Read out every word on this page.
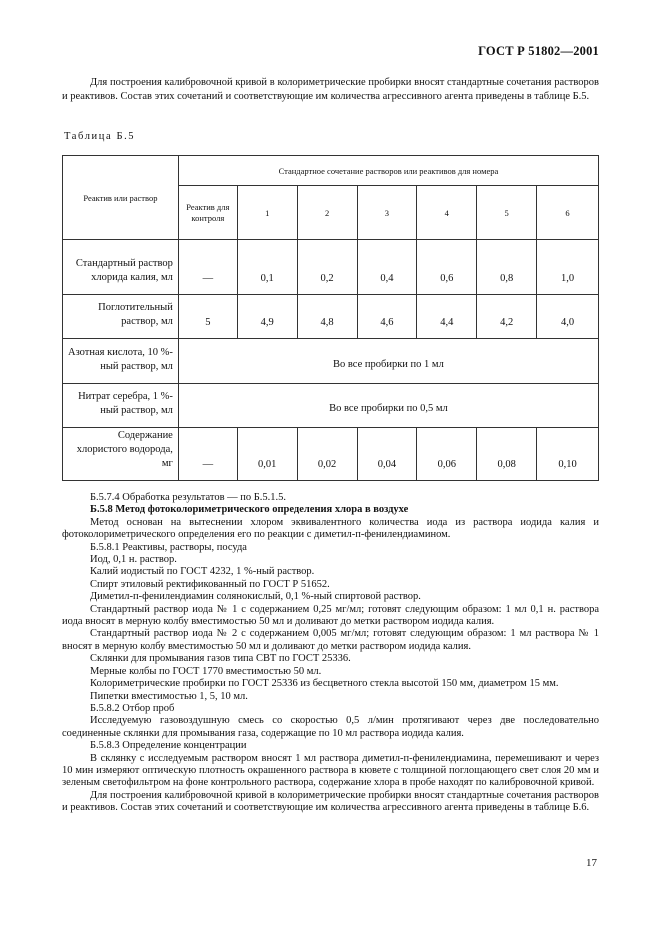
ГОСТ Р 51802—2001
Для построения калибровочной кривой в колориметрические пробирки вносят стандартные сочетания растворов и реактивов. Состав этих сочетаний и соответствующие им количества агрессивного агента приведены в таблице Б.5.
Таблица Б.5
Реактив или раствор	Стандартное сочетание растворов или реактивов для номера						
	Реактив для контроля	1	2	3	4	5	6
Стандартный раствор хлорида калия, мл	—	0,1	0,2	0,4	0,6	0,8	1,0
Поглотительный раствор, мл	5	4,9	4,8	4,6	4,4	4,2	4,0
Азотная кислота, 10 %-ный раствор, мл	Во все пробирки по 1 мл						
Нитрат серебра, 1 %-ный раствор, мл	Во все пробирки по 0,5 мл						
Содержание хлористого водорода, мг	—	0,01	0,02	0,04	0,06	0,08	0,10

Б.5.7.4 Обработка результатов — по Б.5.1.5.

Б.5.8 Метод фотоколориметрического определения хлора в воздухе

Метод основан на вытеснении хлором эквивалентного количества иода из раствора иодида калия и фотоколориметрического определения его по реакции с диметил-п-фенилендиамином.

Б.5.8.1 Реактивы, растворы, посуда

Иод, 0,1 н. раствор.

Калий иодистый по ГОСТ 4232, 1 %-ный раствор.

Спирт этиловый ректификованный по ГОСТ Р 51652.

Диметил-п-фенилендиамин солянокислый, 0,1 %-ный спиртовой раствор.

Стандартный раствор иода № 1 с содержанием 0,25 мг/мл; готовят следующим образом: 1 мл 0,1 н. раствора иода вносят в мерную колбу вместимостью 50 мл и доливают до метки раствором иодида калия.

Стандартный раствор иода № 2 с содержанием 0,005 мг/мл; готовят следующим образом: 1 мл раствора № 1 вносят в мерную колбу вместимостью 50 мл и доливают до метки раствором иодида калия.

Склянки для промывания газов типа СВТ по ГОСТ 25336.

Мерные колбы по ГОСТ 1770 вместимостью 50 мл.

Колориметрические пробирки по ГОСТ 25336 из бесцветного стекла высотой 150 мм, диаметром 15 мм.

Пипетки вместимостью 1, 5, 10 мл.

Б.5.8.2 Отбор проб

Исследуемую газовоздушную смесь со скоростью 0,5 л/мин протягивают через две последовательно соединенные склянки для промывания газа, содержащие по 10 мл раствора иодида калия.

Б.5.8.3 Определение концентрации

В склянку с исследуемым раствором вносят 1 мл раствора диметил-п-фенилендиамина, перемешивают и через 10 мин измеряют оптическую плотность окрашенного раствора в кювете с толщиной поглощающего свет слоя 20 мм и зеленым светофильтром на фоне контрольного раствора, содержание хлора в пробе находят по калибровочной кривой.

Для построения калибровочной кривой в колориметрические пробирки вносят стандартные сочетания растворов и реактивов. Состав этих сочетаний и соответствующие им количества агрессивного агента приведены в таблице Б.6.

17
